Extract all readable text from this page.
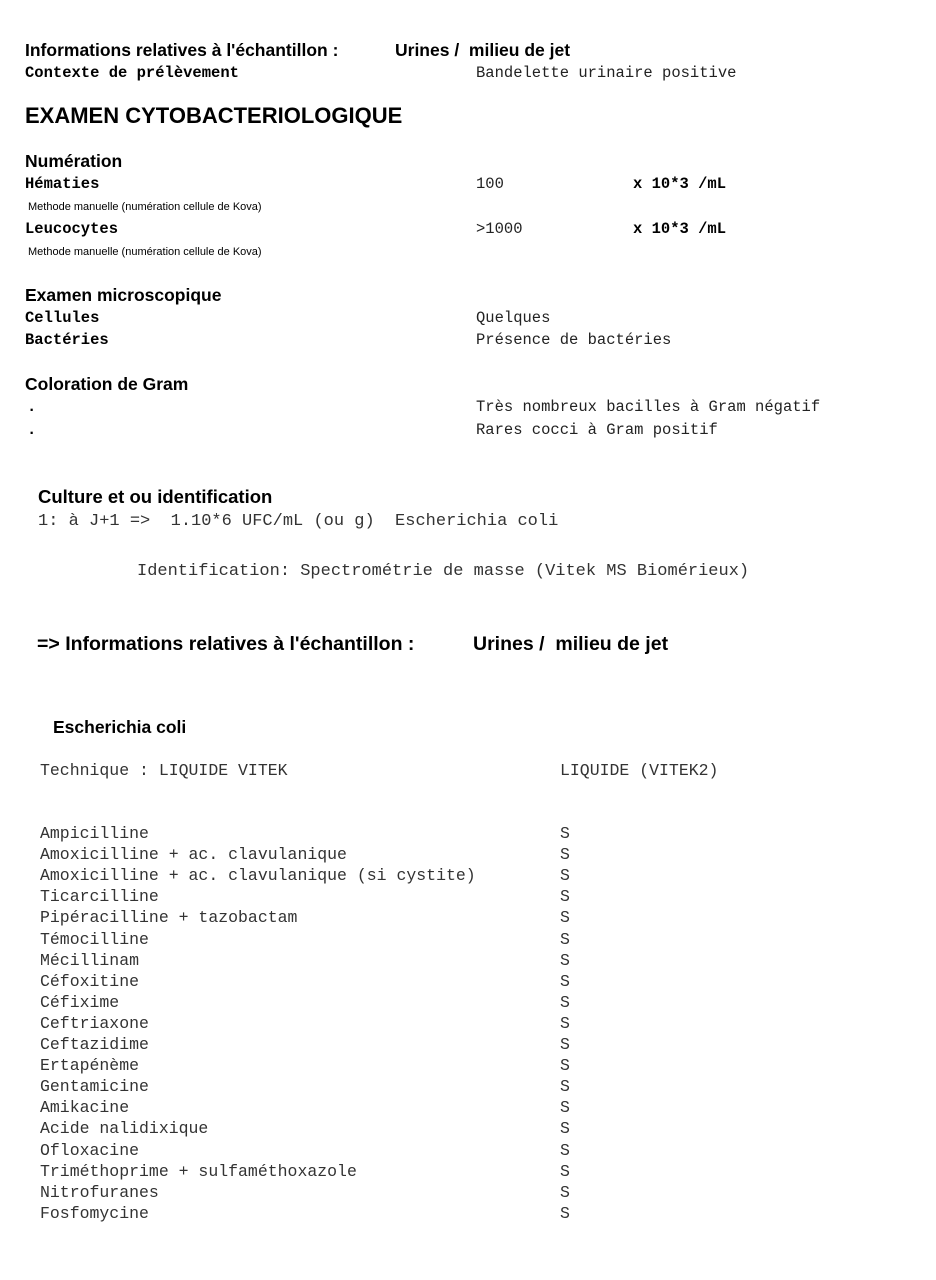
Informations relatives à l'échantillon :	Urines /  milieu de jet
Contexte de prélèvement	Bandelette urinaire positive
EXAMEN CYTOBACTERIOLOGIQUE
Numération
Hématies	100	x 10*3 /mL
Methode manuelle (numération cellule de Kova)
Leucocytes	>1000	x 10*3 /mL
Methode manuelle (numération cellule de Kova)
Examen microscopique
Cellules	Quelques
Bactéries	Présence de bactéries
Coloration de Gram
.	Très nombreux bacilles à Gram négatif
.	Rares cocci à Gram positif
Culture et ou identification
1: à J+1 =>  1.10*6 UFC/mL (ou g)  Escherichia coli
Identification: Spectrométrie de masse (Vitek MS Biomérieux)
=> Informations relatives à l'échantillon :	Urines /  milieu de jet
Escherichia coli
Technique : LIQUIDE VITEK	LIQUIDE (VITEK2)
Ampicilline	S
Amoxicilline + ac. clavulanique	S
Amoxicilline + ac. clavulanique (si cystite)	S
Ticarcilline	S
Pipéracilline + tazobactam	S
Témocilline	S
Mécillinam	S
Céfoxitine	S
Céfixime	S
Ceftriaxone	S
Ceftazidime	S
Ertapénème	S
Gentamicine	S
Amikacine	S
Acide nalidixique	S
Ofloxacine	S
Triméthoprime + sulfaméthoxazole	S
Nitrofuranes	S
Fosfomycine	S
